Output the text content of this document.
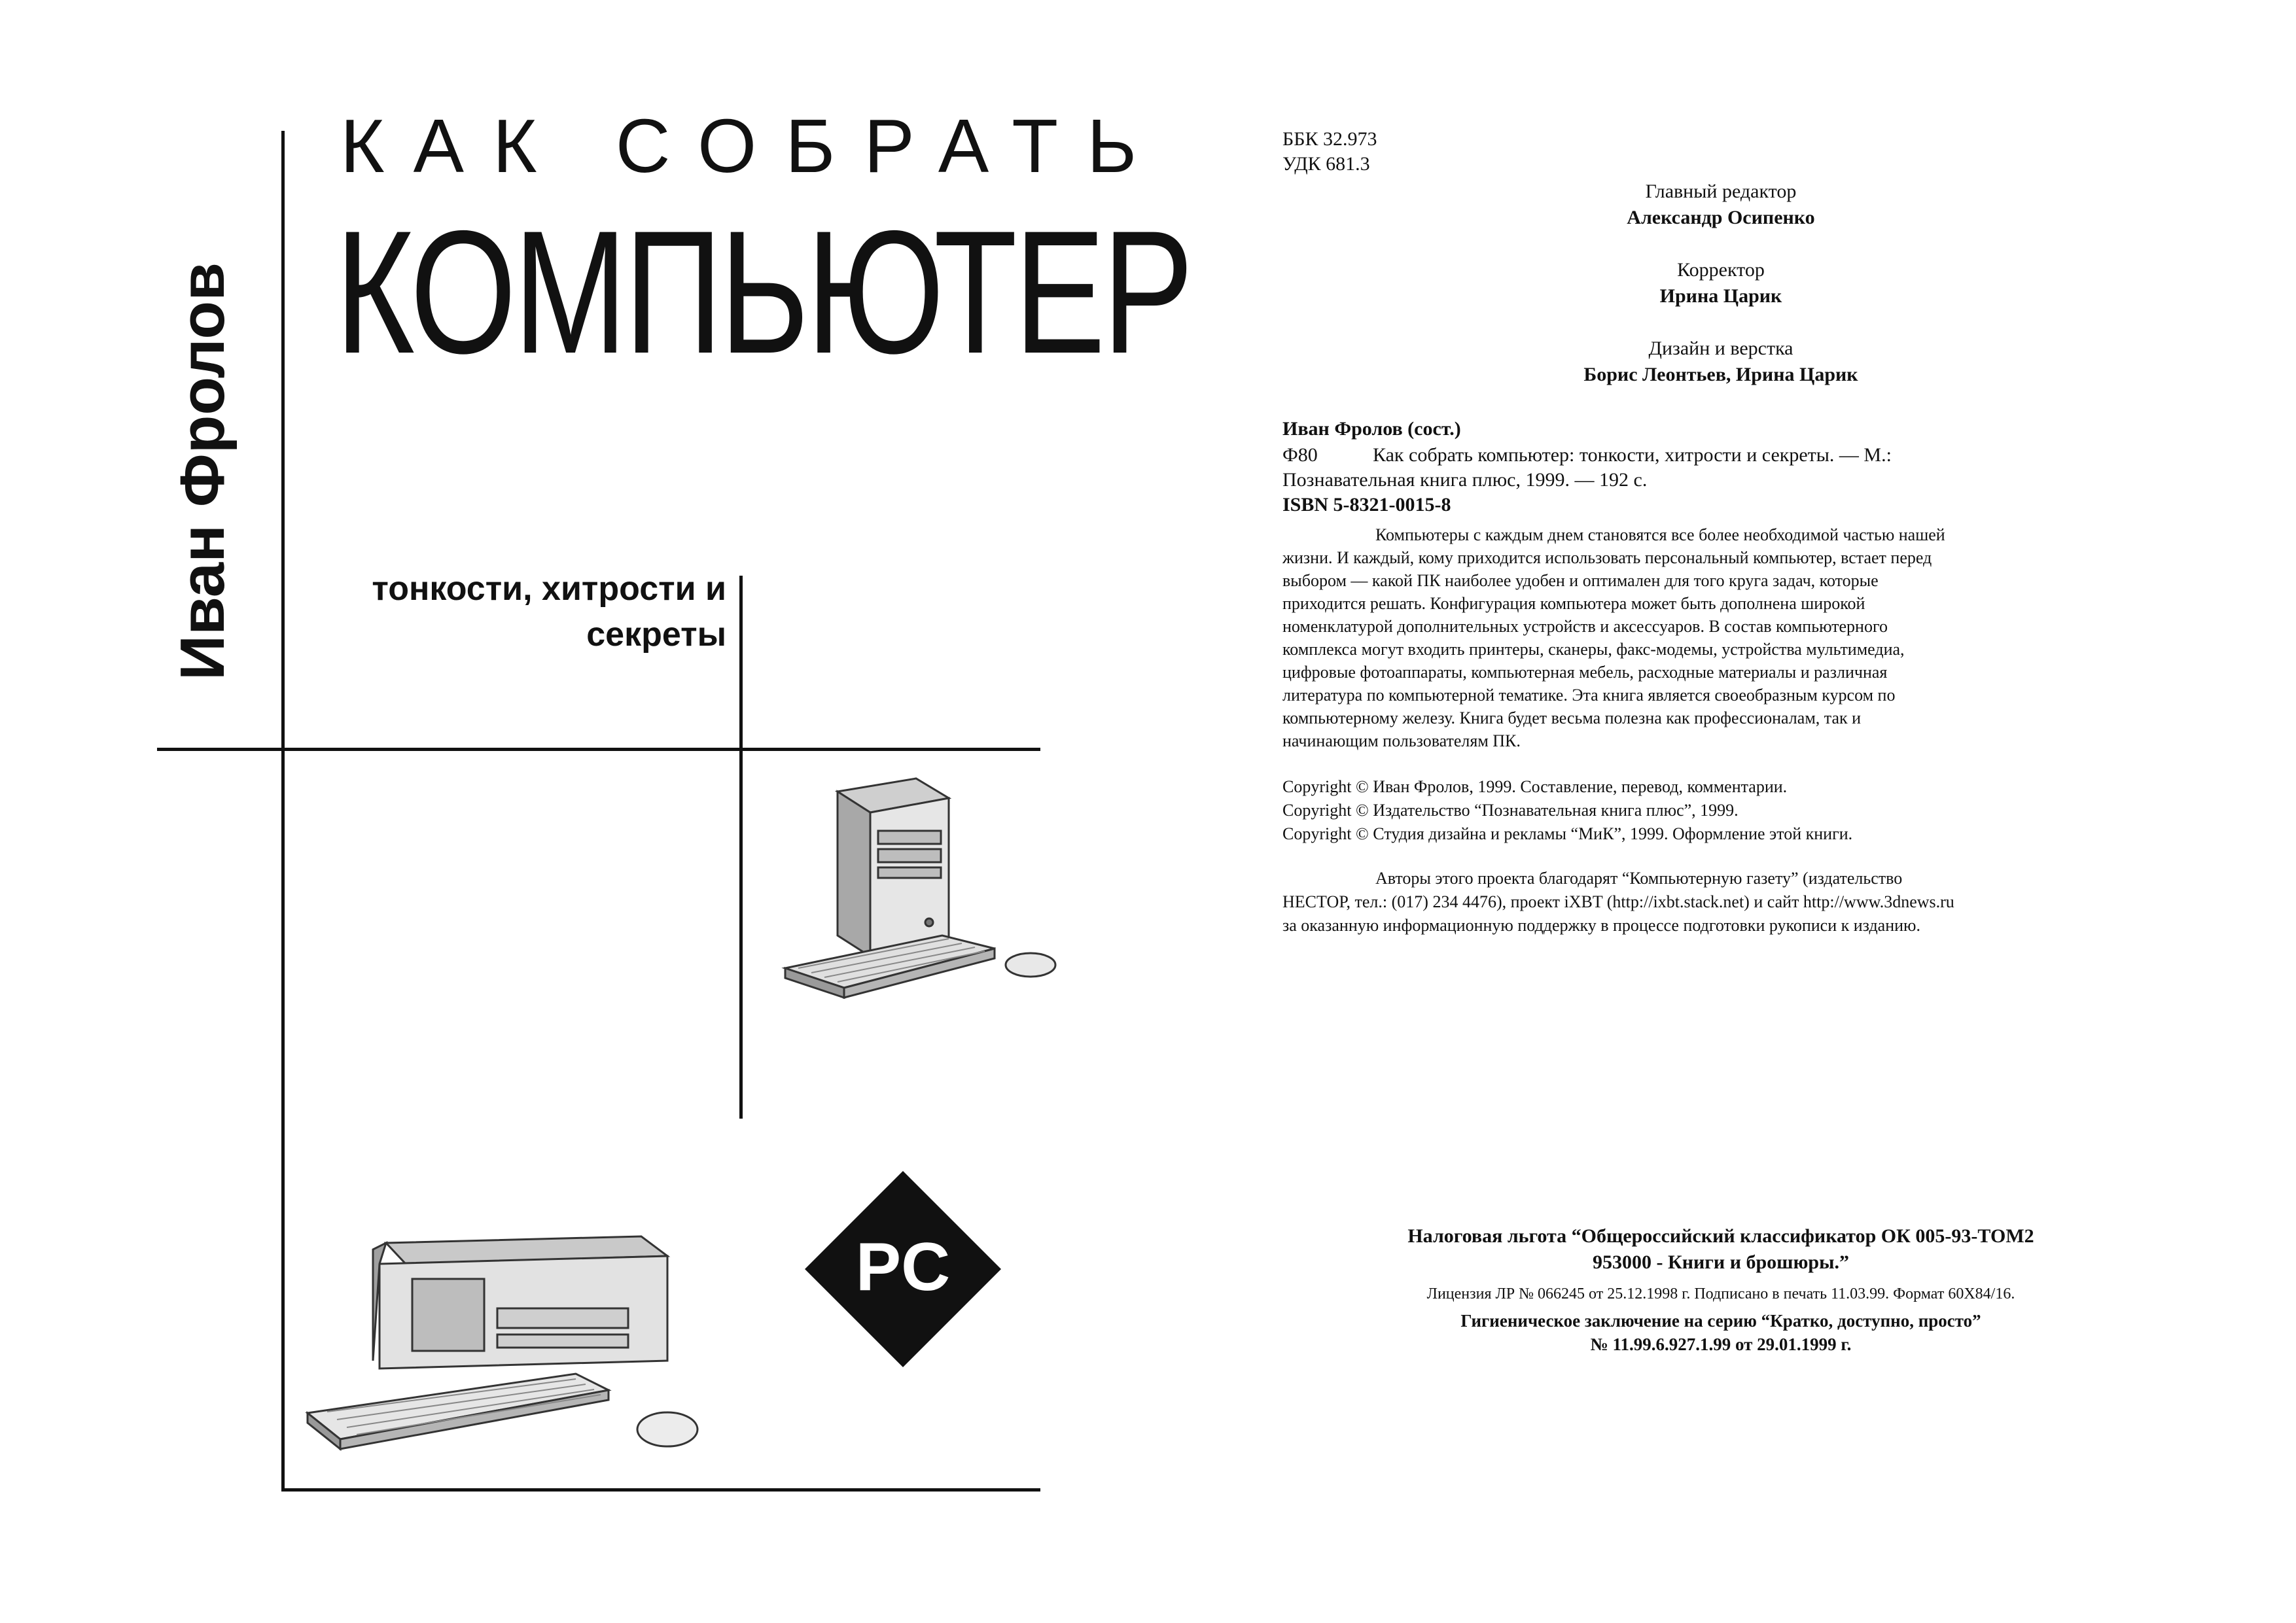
КАК СОБРАТЬ
КОМПЬЮТЕР
Иван Фролов	тонкости, хитрости и
секреты
PC
ББК 32.973
УДК 681.3
Главный редактор
Александр Осипенко
Корректор
Ирина Царик
Дизайн и верстка
Борис Леонтьев, Ирина Царик
Иван Фролов (сост.)
Ф80	Как собрать компьютер: тонкости, хитрости и секреты. — М.:
Познавательная книга плюс, 1999. — 192 с.
ISBN 5-8321-0015-8
Компьютеры с каждым днем становятся все более необходимой частью нашей
жизни. И каждый, кому приходится использовать персональный компьютер, встает перед
выбором — какой ПК наиболее удобен и оптимален для того круга задач, которые
приходится решать. Конфигурация компьютера может быть дополнена широкой
номенклатурой дополнительных устройств и аксессуаров. В состав компьютерного
комплекса могут входить принтеры, сканеры, факс-модемы, устройства мультимедиа,
цифровые фотоаппараты, компьютерная мебель, расходные материалы и различная
литература по компьютерной тематике. Эта книга является своеобразным курсом по
компьютерному железу. Книга будет весьма полезна как профессионалам, так и
начинающим пользователям ПК.
Copyright © Иван Фролов, 1999. Составление, перевод, комментарии.
Copyright © Издательство “Познавательная книга плюс”, 1999.
Copyright © Студия дизайна и рекламы “МиК”, 1999. Оформление этой книги.
Авторы этого проекта благодарят “Компьютерную газету” (издательство
НЕСТОР, тел.: (017) 234 4476), проект iXBT (http://ixbt.stack.net) и сайт http://www.3dnews.ru
за оказанную информационную поддержку в процессе подготовки рукописи к изданию.
Налоговая льгота “Общероссийский классификатор ОК 005-93-ТОМ2
953000 - Книги и брошюры.”
Лицензия ЛР № 066245 от 25.12.1998 г. Подписано в печать 11.03.99. Формат 60X84/16.
Гигиеническое заключение на серию “Кратко, доступно, просто”
№ 11.99.6.927.1.99 от 29.01.1999 г.
